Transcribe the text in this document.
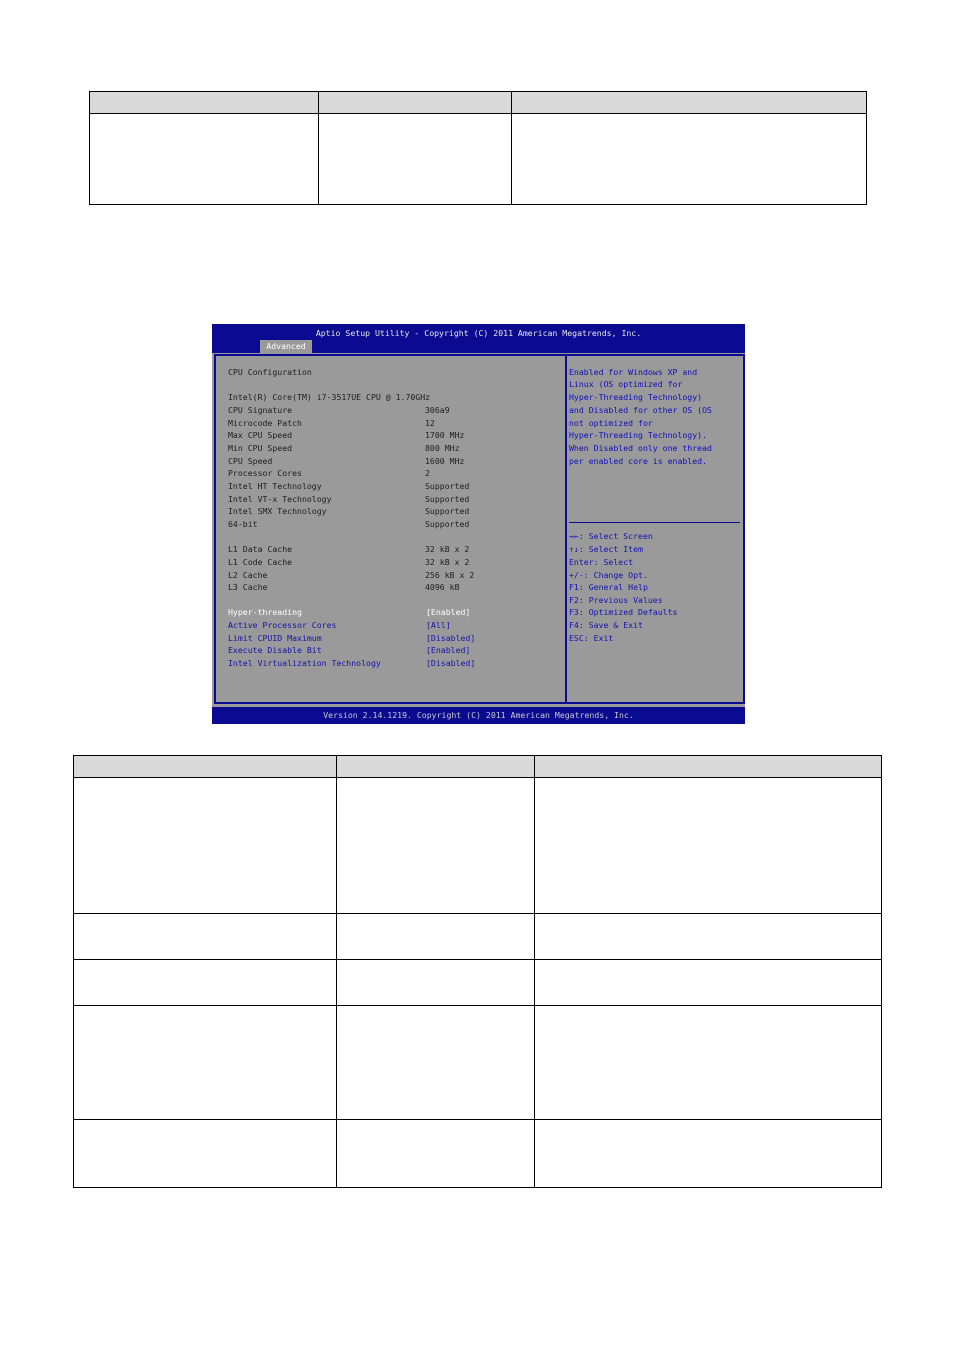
Aptio Setup Utility - Copyright (C) 2011 American Megatrends, Inc.
Advanced
CPU Configuration
Intel(R) Core(TM) i7-3517UE CPU @ 1.70GHz
CPU Signature	306a9
Microcode Patch	12
Max CPU Speed	1700 MHz
Min CPU Speed	800 MHz
CPU Speed	1600 MHz
Processor Cores	2
Intel HT Technology	Supported
Intel VT-x Technology	Supported
Intel SMX Technology	Supported
64-bit	Supported
L1 Data Cache	32 kB x 2
L1 Code Cache	32 kB x 2
L2 Cache	256 kB x 2
L3 Cache	4096 kB
Hyper-threading	[Enabled]
Active Processor Cores	[All]
Limit CPUID Maximum	[Disabled]
Execute Disable Bit	[Enabled]
Intel Virtualization Technology	[Disabled]
Enabled for Windows XP and
Linux (OS optimized for
Hyper-Threading Technology)
and Disabled for other OS (OS
not optimized for
Hyper-Threading Technology).
When Disabled only one thread
per enabled core is enabled.
→←: Select Screen
↑↓: Select Item
Enter: Select
+/-: Change Opt.
F1: General Help
F2: Previous Values
F3: Optimized Defaults
F4: Save & Exit
ESC: Exit
Version 2.14.1219. Copyright (C) 2011 American Megatrends, Inc.
